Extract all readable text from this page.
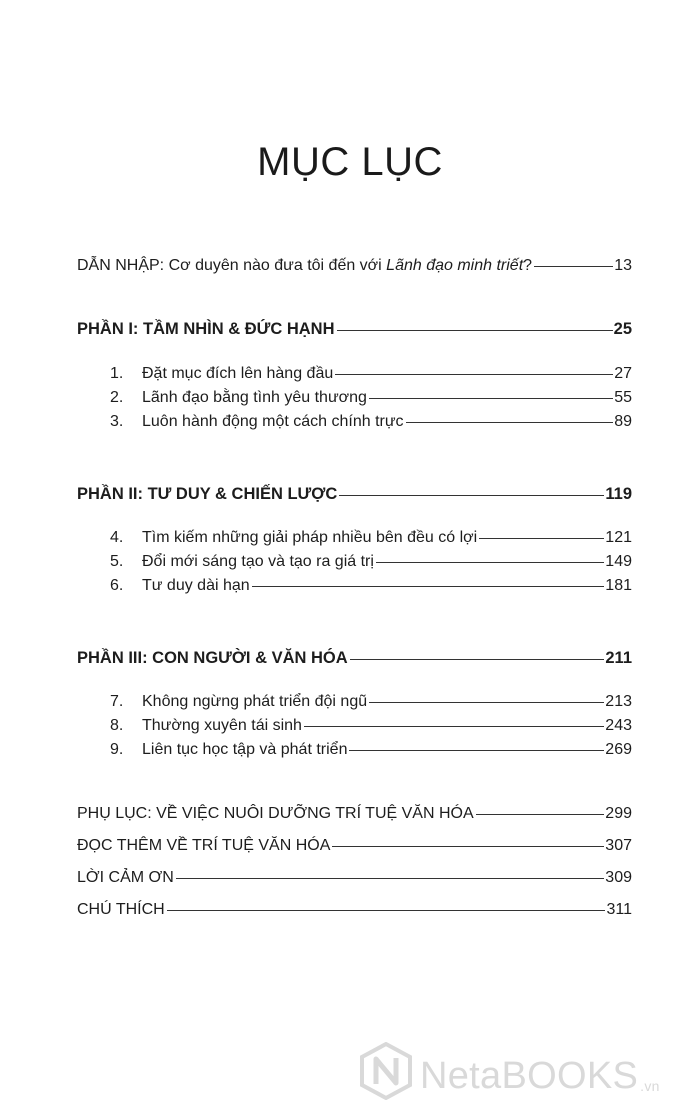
MỤC LỤC
DẪN NHẬP: Cơ duyên nào đưa tôi đến với Lãnh đạo minh triết?	13
PHẦN I: TẦM NHÌN & ĐỨC HẠNH	25
1.	Đặt mục đích lên hàng đầu	27
2.	Lãnh đạo bằng tình yêu thương	55
3.	Luôn hành động một cách chính trực	89
PHẦN II: TƯ DUY & CHIẾN LƯỢC	119
4.	Tìm kiếm những giải pháp nhiều bên đều có lợi	121
5.	Đổi mới sáng tạo và tạo ra giá trị	149
6.	Tư duy dài hạn	181
PHẦN III: CON NGƯỜI & VĂN HÓA	211
7.	Không ngừng phát triển đội ngũ	213
8.	Thường xuyên tái sinh	243
9.	Liên tục học tập và phát triển	269
PHỤ LỤC: VỀ VIỆC NUÔI DƯỠNG TRÍ TUỆ VĂN HÓA	299
ĐỌC THÊM VỀ TRÍ TUỆ VĂN HÓA	307
LỜI CẢM ƠN	309
CHÚ THÍCH	311
NetaBOOKS .vn
